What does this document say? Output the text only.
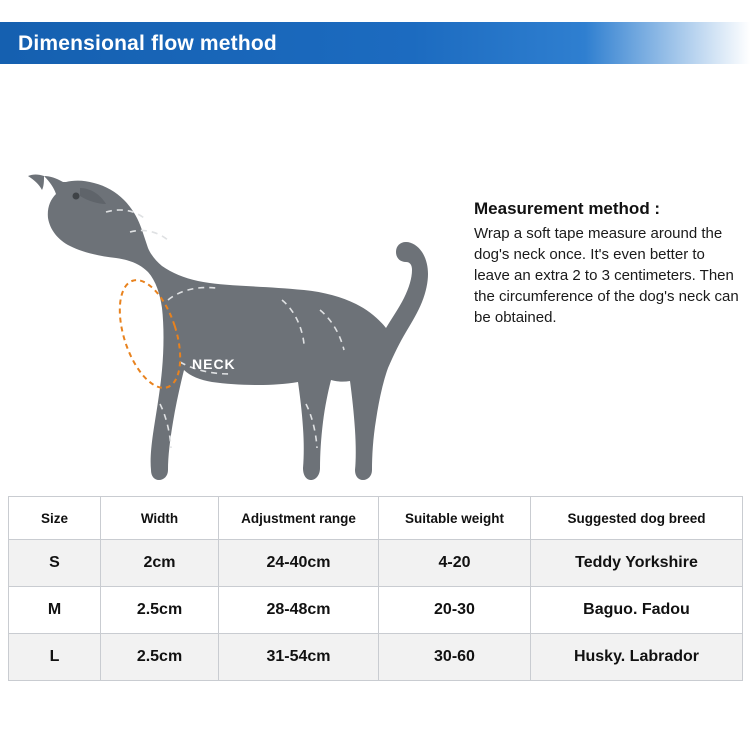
Dimensional flow method
NECK

Measurement method :

Wrap a soft tape measure around the dog's neck once. It's even better to leave an extra 2 to 3 centimeters. Then the circumference of the dog's neck can be obtained.

Size	Width	Adjustment range	Suitable weight	Suggested dog breed
S	2cm	24-40cm	4-20	Teddy Yorkshire
M	2.5cm	28-48cm	20-30	Baguo. Fadou
L	2.5cm	31-54cm	30-60	Husky. Labrador
